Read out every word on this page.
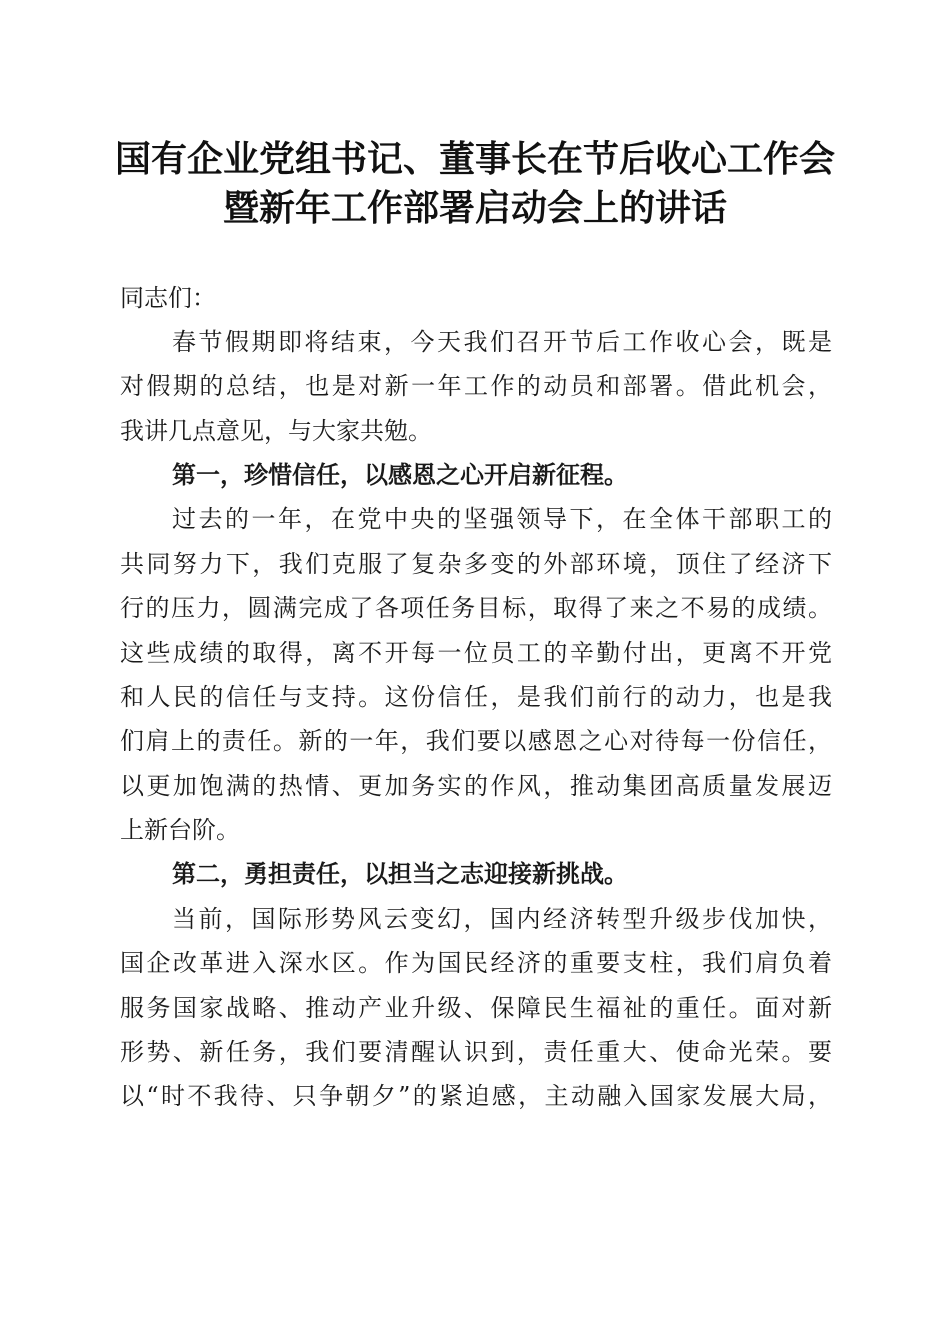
国有企业党组书记、董事长在节后收心工作会
暨新年工作部署启动会上的讲话
同志们：
春节假期即将结束，今天我们召开节后工作收心会，既是
对假期的总结，也是对新一年工作的动员和部署。借此机会，
我讲几点意见，与大家共勉。
第一，珍惜信任，以感恩之心开启新征程。
过去的一年，在党中央的坚强领导下，在全体干部职工的
共同努力下，我们克服了复杂多变的外部环境，顶住了经济下
行的压力，圆满完成了各项任务目标，取得了来之不易的成绩。
这些成绩的取得，离不开每一位员工的辛勤付出，更离不开党
和人民的信任与支持。这份信任，是我们前行的动力，也是我
们肩上的责任。新的一年，我们要以感恩之心对待每一份信任，
以更加饱满的热情、更加务实的作风，推动集团高质量发展迈
上新台阶。
第二，勇担责任，以担当之志迎接新挑战。
当前，国际形势风云变幻，国内经济转型升级步伐加快，
国企改革进入深水区。作为国民经济的重要支柱，我们肩负着
服务国家战略、推动产业升级、保障民生福祉的重任。面对新
形势、新任务，我们要清醒认识到，责任重大、使命光荣。要
以“时不我待、只争朝夕”的紧迫感，主动融入国家发展大局，
